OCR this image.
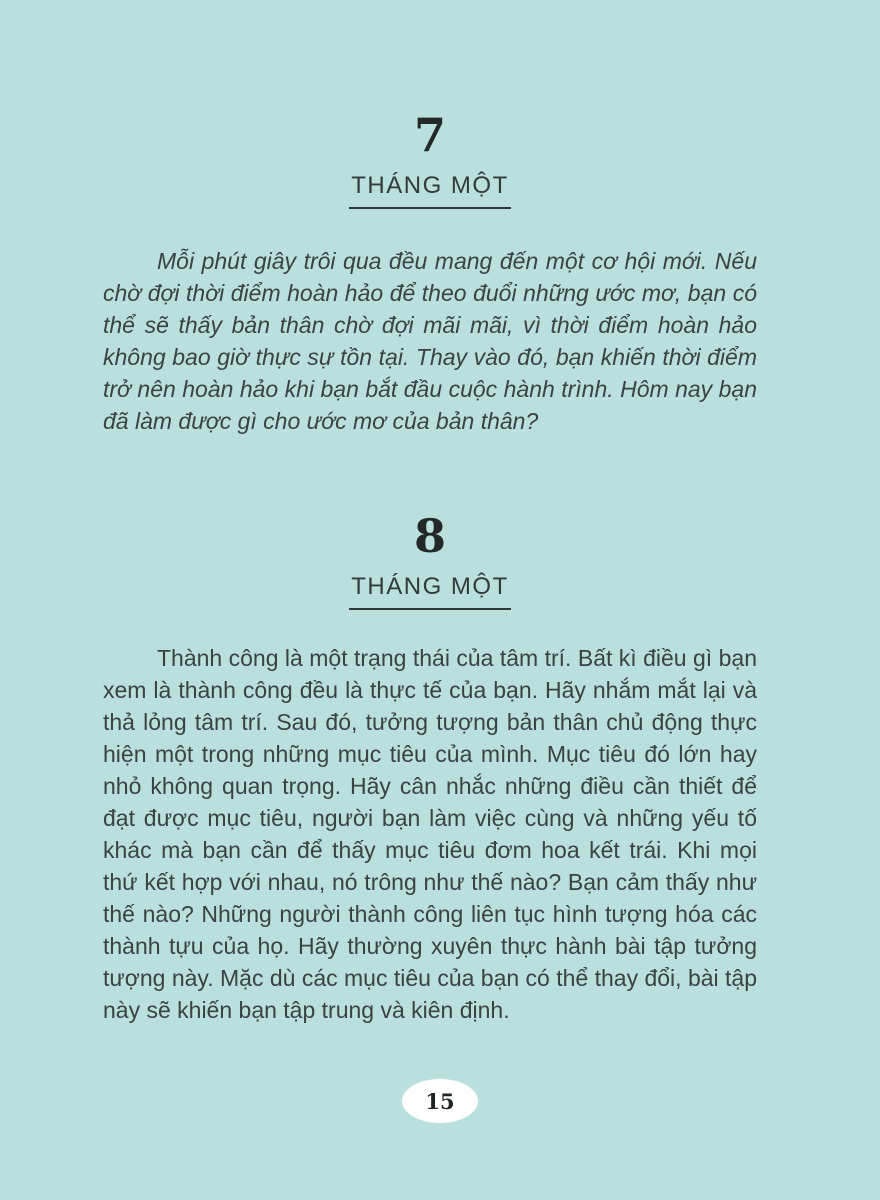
7
THÁNG MỘT

Mỗi phút giây trôi qua đều mang đến một cơ hội mới. Nếu chờ đợi thời điểm hoàn hảo để theo đuổi những ước mơ, bạn có thể sẽ thấy bản thân chờ đợi mãi mãi, vì thời điểm hoàn hảo không bao giờ thực sự tồn tại. Thay vào đó, bạn khiến thời điểm trở nên hoàn hảo khi bạn bắt đầu cuộc hành trình. Hôm nay bạn đã làm được gì cho ước mơ của bản thân?

8
THÁNG MỘT

Thành công là một trạng thái của tâm trí. Bất kì điều gì bạn xem là thành công đều là thực tế của bạn. Hãy nhắm mắt lại và thả lỏng tâm trí. Sau đó, tưởng tượng bản thân chủ động thực hiện một trong những mục tiêu của mình. Mục tiêu đó lớn hay nhỏ không quan trọng. Hãy cân nhắc những điều cần thiết để đạt được mục tiêu, người bạn làm việc cùng và những yếu tố khác mà bạn cần để thấy mục tiêu đơm hoa kết trái. Khi mọi thứ kết hợp với nhau, nó trông như thế nào? Bạn cảm thấy như thế nào? Những người thành công liên tục hình tượng hóa các thành tựu của họ. Hãy thường xuyên thực hành bài tập tưởng tượng này. Mặc dù các mục tiêu của bạn có thể thay đổi, bài tập này sẽ khiến bạn tập trung và kiên định.

15
